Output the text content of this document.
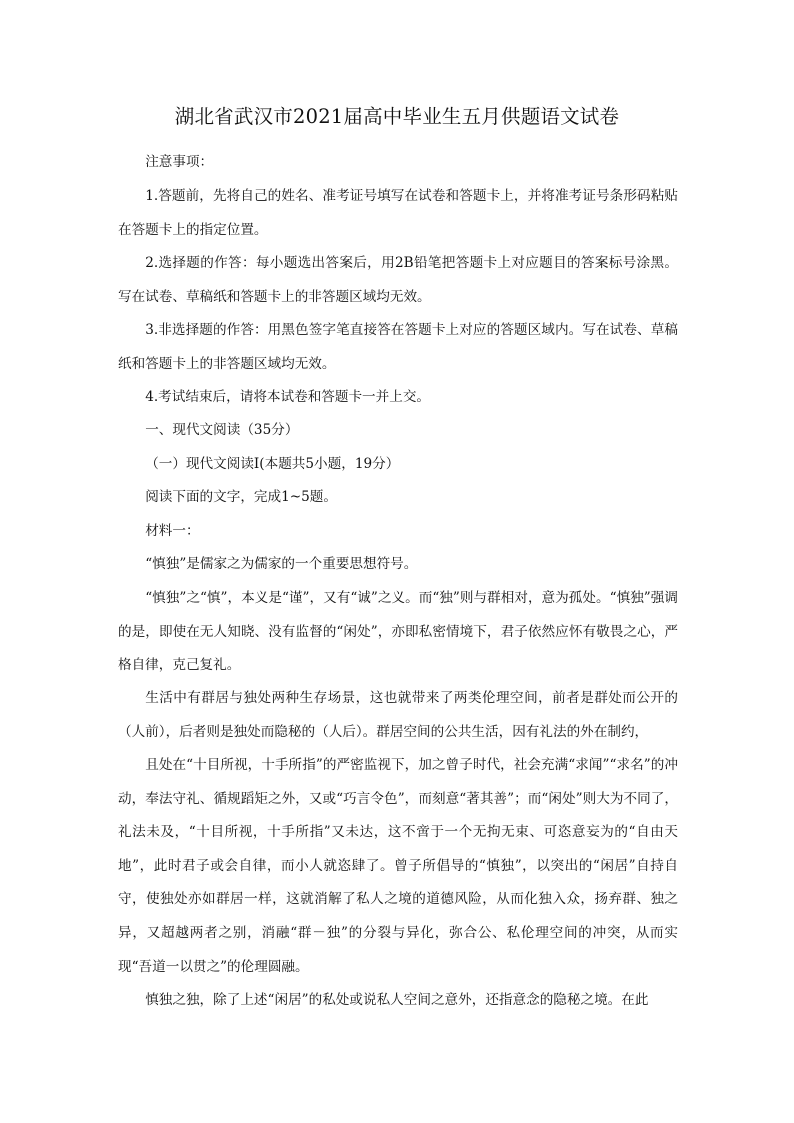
湖北省武汉市2021届高中毕业生五月供题语文试卷
注意事项：
1.答题前，先将自己的姓名、准考证号填写在试卷和答题卡上，并将准考证号条形码粘贴在答题卡上的指定位置。
2.选择题的作答：每小题选出答案后，用2B铅笔把答题卡上对应题目的答案标号涂黑。写在试卷、草稿纸和答题卡上的非答题区域均无效。
3.非选择题的作答：用黑色签字笔直接答在答题卡上对应的答题区域内。写在试卷、草稿纸和答题卡上的非答题区域均无效。
4.考试结束后，请将本试卷和答题卡一并上交。
一、现代文阅读（35分）
（一）现代文阅读Ⅰ(本题共5小题，19分）
阅读下面的文字，完成1~5题。
材料一：
“慎独”是儒家之为儒家的一个重要思想符号。
“慎独”之“慎”，本义是“谨”，又有“诚”之义。而“独”则与群相对，意为孤处。“慎独”强调的是，即使在无人知晓、没有监督的“闲处”，亦即私密情境下，君子依然应怀有敬畏之心，严格自律，克己复礼。
生活中有群居与独处两种生存场景，这也就带来了两类伦理空间，前者是群处而公开的（人前），后者则是独处而隐秘的（人后）。群居空间的公共生活，因有礼法的外在制约，
且处在“十目所视，十手所指”的严密监视下，加之曾子时代，社会充满“求闻”“求名”的冲动，奉法守礼、循规蹈矩之外，又或“巧言令色”，而刻意“著其善”；而“闲处”则大为不同了，礼法未及，“十目所视，十手所指”又未达，这不啻于一个无拘无束、可恣意妄为的“自由天地”，此时君子或会自律，而小人就恣肆了。曾子所倡导的“慎独”，以突出的“闲居”自持自守，使独处亦如群居一样，这就消解了私人之境的道德风险，从而化独入众，扬弃群、独之异，又超越两者之别，消融“群－独”的分裂与异化，弥合公、私伦理空间的冲突，从而实现“吾道一以贯之”的伦理圆融。
慎独之独，除了上述“闲居”的私处或说私人空间之意外，还指意念的隐秘之境。在此
